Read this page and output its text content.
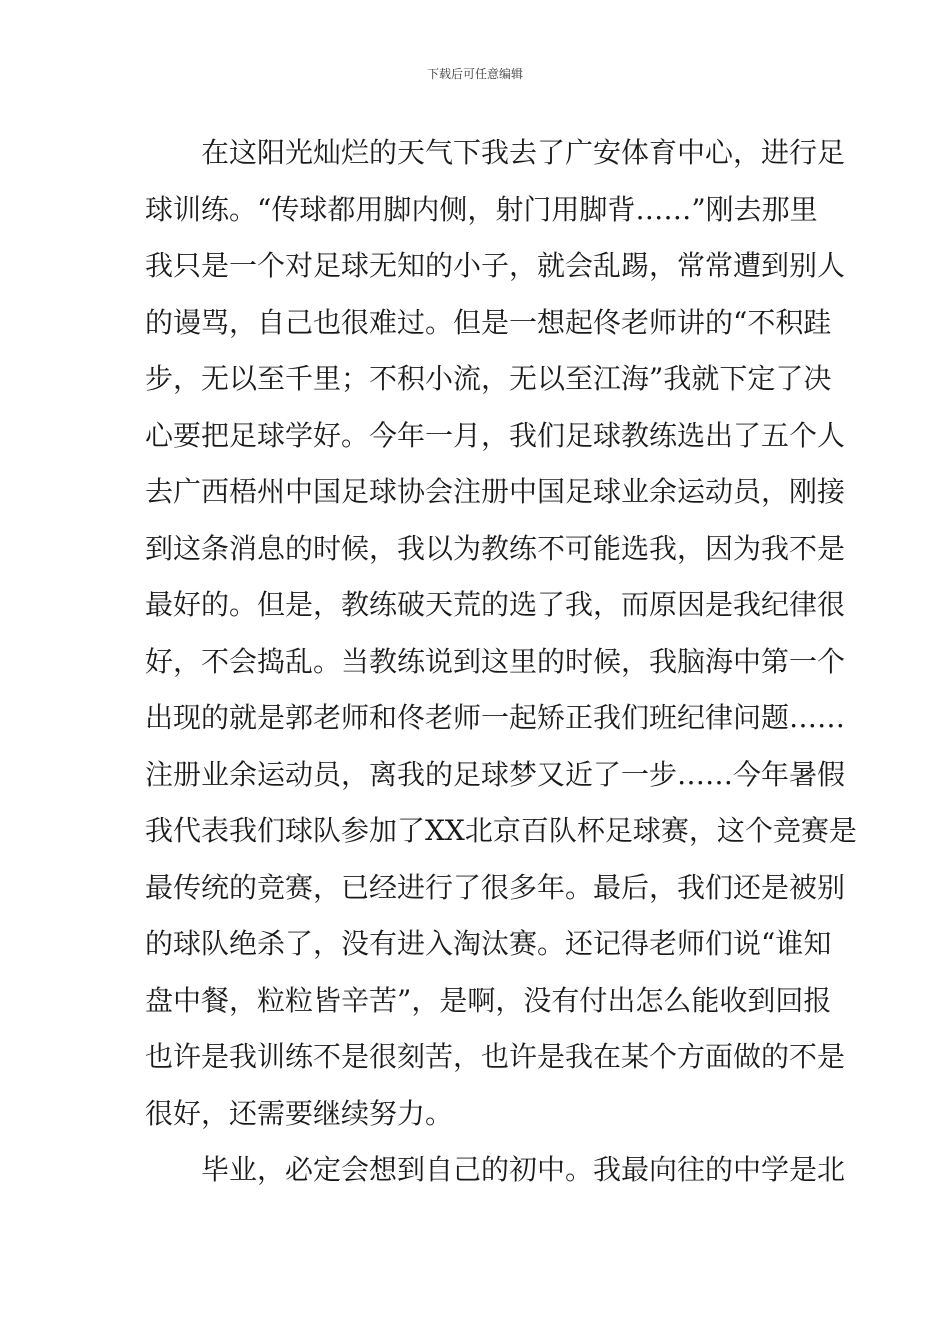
下载后可任意编辑
在这阳光灿烂的天气下我去了广安体育中心，进行足
球训练。“传球都用脚内侧，射门用脚背……”刚去那里
我只是一个对足球无知的小子，就会乱踢，常常遭到别人
的谩骂，自己也很难过。但是一想起佟老师讲的“不积跬
步，无以至千里；不积小流，无以至江海”我就下定了决
心要把足球学好。今年一月，我们足球教练选出了五个人
去广西梧州中国足球协会注册中国足球业余运动员，刚接
到这条消息的时候，我以为教练不可能选我，因为我不是
最好的。但是，教练破天荒的选了我，而原因是我纪律很
好，不会捣乱。当教练说到这里的时候，我脑海中第一个
出现的就是郭老师和佟老师一起矫正我们班纪律问题……
注册业余运动员，离我的足球梦又近了一步……今年暑假
我代表我们球队参加了XX北京百队杯足球赛，这个竞赛是
最传统的竞赛，已经进行了很多年。最后，我们还是被别
的球队绝杀了，没有进入淘汰赛。还记得老师们说“谁知
盘中餐，粒粒皆辛苦”，是啊，没有付出怎么能收到回报
也许是我训练不是很刻苦，也许是我在某个方面做的不是
很好，还需要继续努力。
毕业，必定会想到自己的初中。我最向往的中学是北
